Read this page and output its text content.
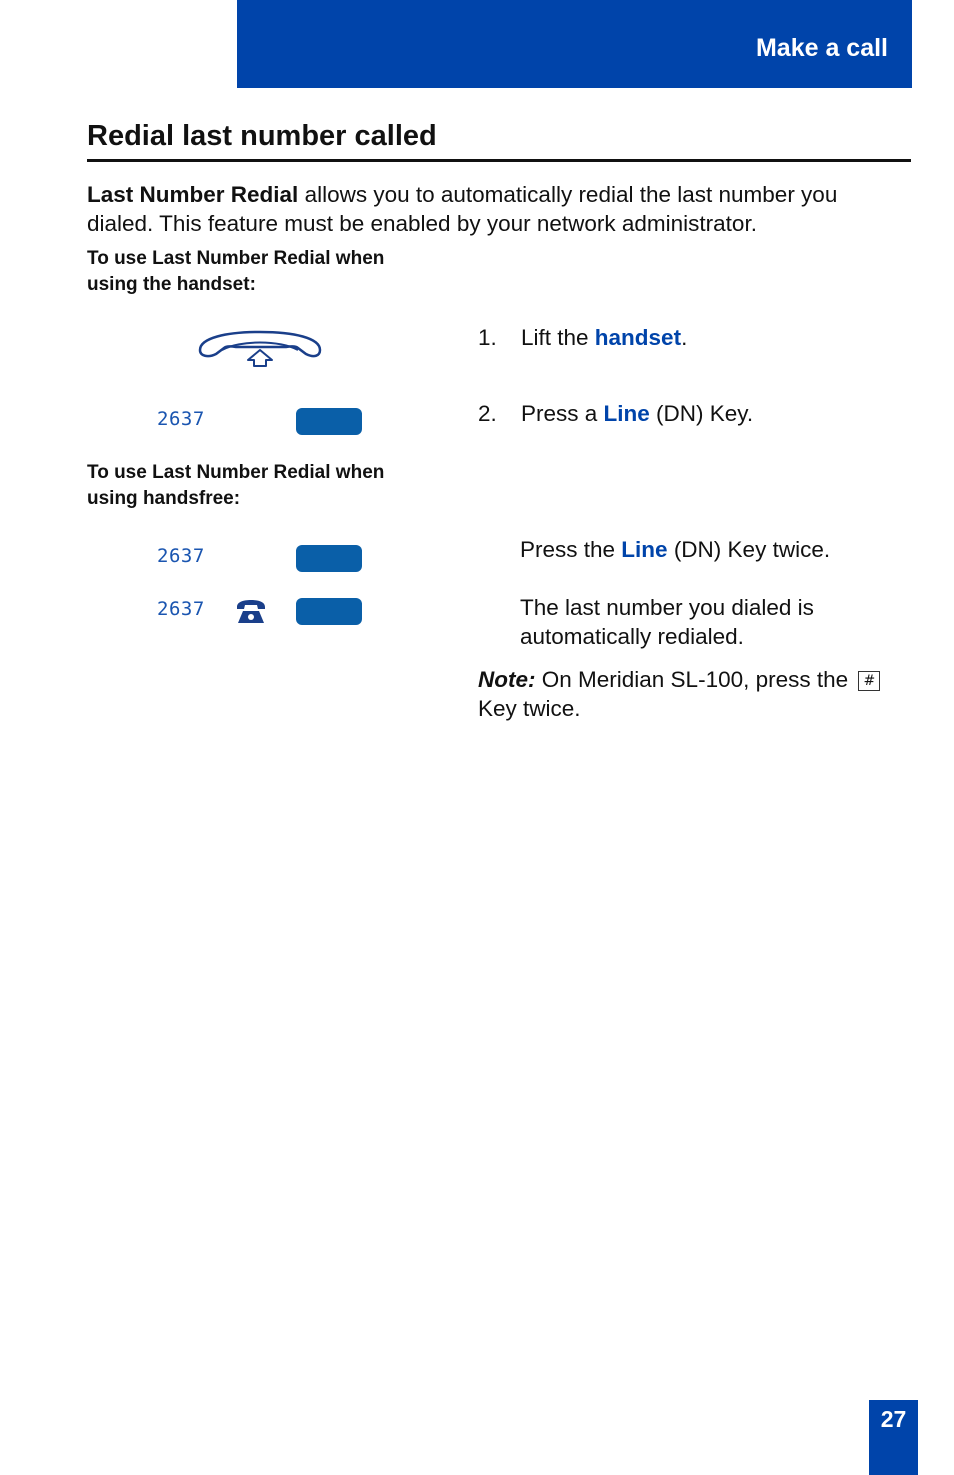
Make a call
Redial last number called
Last Number Redial allows you to automatically redial the last number you
dialed. This feature must be enabled by your network administrator.
To use Last Number Redial when
using the handset:
1. Lift the handset.
2637	2. Press a Line (DN) Key.
To use Last Number Redial when
using handsfree:
2637
2637
Press the Line (DN) Key twice.
The last number you dialed is
automatically redialed.
Note: On Meridian SL-100, press the #
Key twice.
27
